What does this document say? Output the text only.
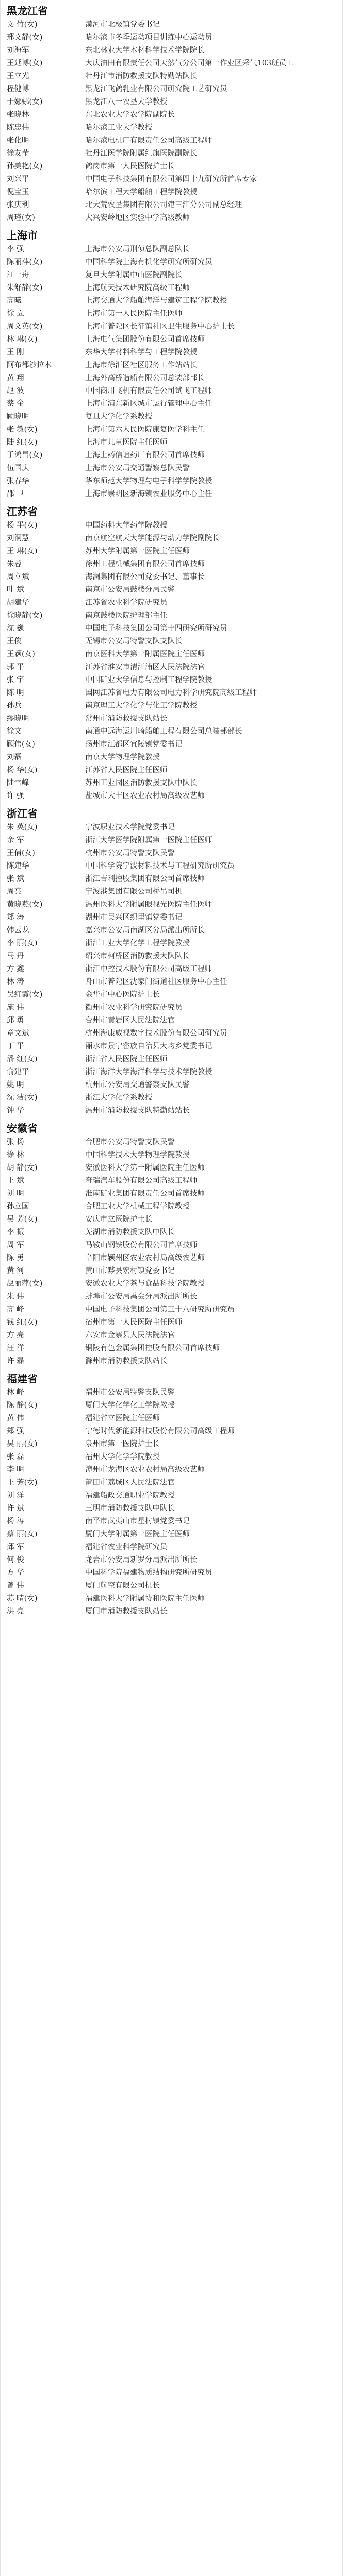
黑龙江省
文 竹(女)	漠河市北极镇党委书记
邢文静(女)	哈尔滨市冬季运动项目训练中心运动员
刘海军	东北林业大学木材科学技术学院院长
王延博(女)	大庆油田有限责任公司天然气分公司第一作业区采气103班员工
王立光	牡丹江市消防救援支队特勤站队长
程健博	黑龙江飞鹤乳业有限公司研究院工艺研究员
于娜娜(女)	黑龙江八一农垦大学教授
张晓林	东北农业大学农学院副院长
陈忠伟	哈尔滨工业大学教授
张化明	哈尔滨电机厂有限责任公司高级工程师
徐友莹	牡丹江医学院附属红旗医院副院长
孙美艳(女)	鹤岗市第一人民医院护士长
刘兴平	中国电子科技集团有限公司第四十九研究所首席专家
倪宝玉	哈尔滨工程大学船舶工程学院教授
张庆利	北大荒农垦集团有限公司建三江分公司副总经理
周瑾(女)	大兴安岭地区实验中学高级教师
上海市
李 强	上海市公安局刑侦总队副总队长
陈丽萍(女)	中国科学院上海有机化学研究所研究员
江一舟	复旦大学附属中山医院副院长
朱舒静(女)	上海航天技术研究院高级工程师
高曦	上海交通大学船舶海洋与建筑工程学院教授
徐 立	上海市第一人民医院主任医师
周文英(女)	上海市普陀区长征镇社区卫生服务中心护士长
林 琳(女)	上海电气集团股份有限公司首席技师
王 刚	东华大学材料科学与工程学院教授
阿布都沙拉木	上海市徐汇区社区服务工作站站长
黄 翔	上海外高桥造船有限公司总装部部长
赵 波	中国商用飞机有限责任公司试飞工程师
蔡 金	上海市浦东新区城市运行管理中心主任
顾晓明	复旦大学化学系教授
张 敏(女)	上海市第六人民医院康复医学科主任
陆 红(女)	上海市儿童医院主任医师
于鸿昌(女)	上海上药信谊药厂有限公司首席技师
伍国庆	上海市公安局交通警察总队民警
张春华	华东师范大学物理与电子科学学院教授
邵 卫	上海市崇明区新海镇农业服务中心主任
江苏省
杨 平(女)	中国药科大学药学院教授
刘洞慧	南京航空航天大学能源与动力学院副院长
王 琳(女)	苏州大学附属第一医院主任医师
朱蓉	徐州工程机械集团有限公司首席技师
周立斌	海澜集团有限公司党委书记、董事长
叶 斌	南京市公安局鼓楼分局民警
胡建华	江苏省农业科学院研究员
徐晓静(女)	南京鼓楼医院护理部主任
沈 巍	中国电子科技集团公司第十四研究所研究员
王俊	无锡市公安局特警支队支队长
王颖(女)	南京医科大学第一附属医院主任医师
郭 平	江苏省淮安市清江浦区人民法院法官
张 宇	中国矿业大学信息与控制工程学院教授
陈 明	国网江苏省电力有限公司电力科学研究院高级工程师
孙兵	南京理工大学化学与化工学院教授
缪晓明	常州市消防救援支队站长
徐文	南通中远海运川崎船舶工程有限公司总装部部长
顾伟(女)	扬州市江都区宜陵镇党委书记
刘磊	南京大学物理学院教授
杨 华(女)	江苏省人民医院主任医师
陆雪峰	苏州工业园区消防救援支队中队长
许 强	盐城市大丰区农业农村局高级农艺师
浙江省
朱 英(女)	宁波职业技术学院党委书记
余 军	浙江大学医学院附属第一医院主任医师
王倩(女)	杭州市公安局特警支队民警
陈建华	中国科学院宁波材料技术与工程研究所研究员
张 斌	浙江吉利控股集团有限公司首席技师
周亮	宁波港集团有限公司桥吊司机
黄晓燕(女)	温州医科大学附属眼视光医院主任医师
郑 涛	湖州市吴兴区织里镇党委书记
韩云龙	嘉兴市公安局南湖区分局派出所所长
李 丽(女)	浙江工业大学化学工程学院教授
马 丹	绍兴市柯桥区消防救援大队队长
方 鑫	浙江中控技术股份有限公司高级工程师
林 涛	舟山市普陀区沈家门街道社区服务中心主任
吴红霞(女)	金华市中心医院护士长
施 伟	衢州市农业科学研究院研究员
邱 勇	台州市黄岩区人民法院法官
章文斌	杭州海康威视数字技术股份有限公司研究员
丁 平	丽水市景宁畲族自治县大均乡党委书记
潘 红(女)	浙江省人民医院主任医师
俞建平	浙江海洋大学海洋科学与技术学院教授
姚 明	杭州市公安局交通警察支队民警
沈 洁(女)	浙江大学化学系教授
钟 华	温州市消防救援支队特勤站站长
安徽省
张 扬	合肥市公安局特警支队民警
徐 林	中国科学技术大学物理学院教授
胡 静(女)	安徽医科大学第一附属医院主任医师
王 斌	奇瑞汽车股份有限公司高级工程师
刘 明	淮南矿业集团有限责任公司首席技师
孙立国	合肥工业大学机械工程学院教授
吴 芳(女)	安庆市立医院护士长
李 振	芜湖市消防救援支队中队长
周 军	马鞍山钢铁股份有限公司首席技师
陈 勇	阜阳市颍州区农业农村局高级农艺师
黄 河	黄山市黟县宏村镇党委书记
赵丽萍(女)	安徽农业大学茶与食品科技学院教授
朱 伟	蚌埠市公安局禹会分局派出所所长
高 峰	中国电子科技集团公司第三十八研究所研究员
钱 红(女)	宿州市第一人民医院主任医师
方 亮	六安市金寨县人民法院法官
汪 洋	铜陵有色金属集团控股有限公司首席技师
许 磊	滁州市消防救援支队站长
福建省
林 峰	福州市公安局特警支队民警
陈 静(女)	厦门大学化学化工学院教授
黄 伟	福建省立医院主任医师
郑 强	宁德时代新能源科技股份有限公司高级工程师
吴 丽(女)	泉州市第一医院护士长
张 磊	福州大学化学学院教授
李 明	漳州市龙海区农业农村局高级农艺师
王 芳(女)	莆田市荔城区人民法院法官
刘 洋	福建船政交通职业学院教授
许 斌	三明市消防救援支队中队长
杨 涛	南平市武夷山市星村镇党委书记
蔡 丽(女)	厦门大学附属第一医院主任医师
邱 军	福建省农业科学院研究员
何 俊	龙岩市公安局新罗分局派出所所长
方 华	中国科学院福建物质结构研究所研究员
曾 伟	厦门航空有限公司机长
苏 晴(女)	福建医科大学附属协和医院主任医师
洪 亮	厦门市消防救援支队站长
